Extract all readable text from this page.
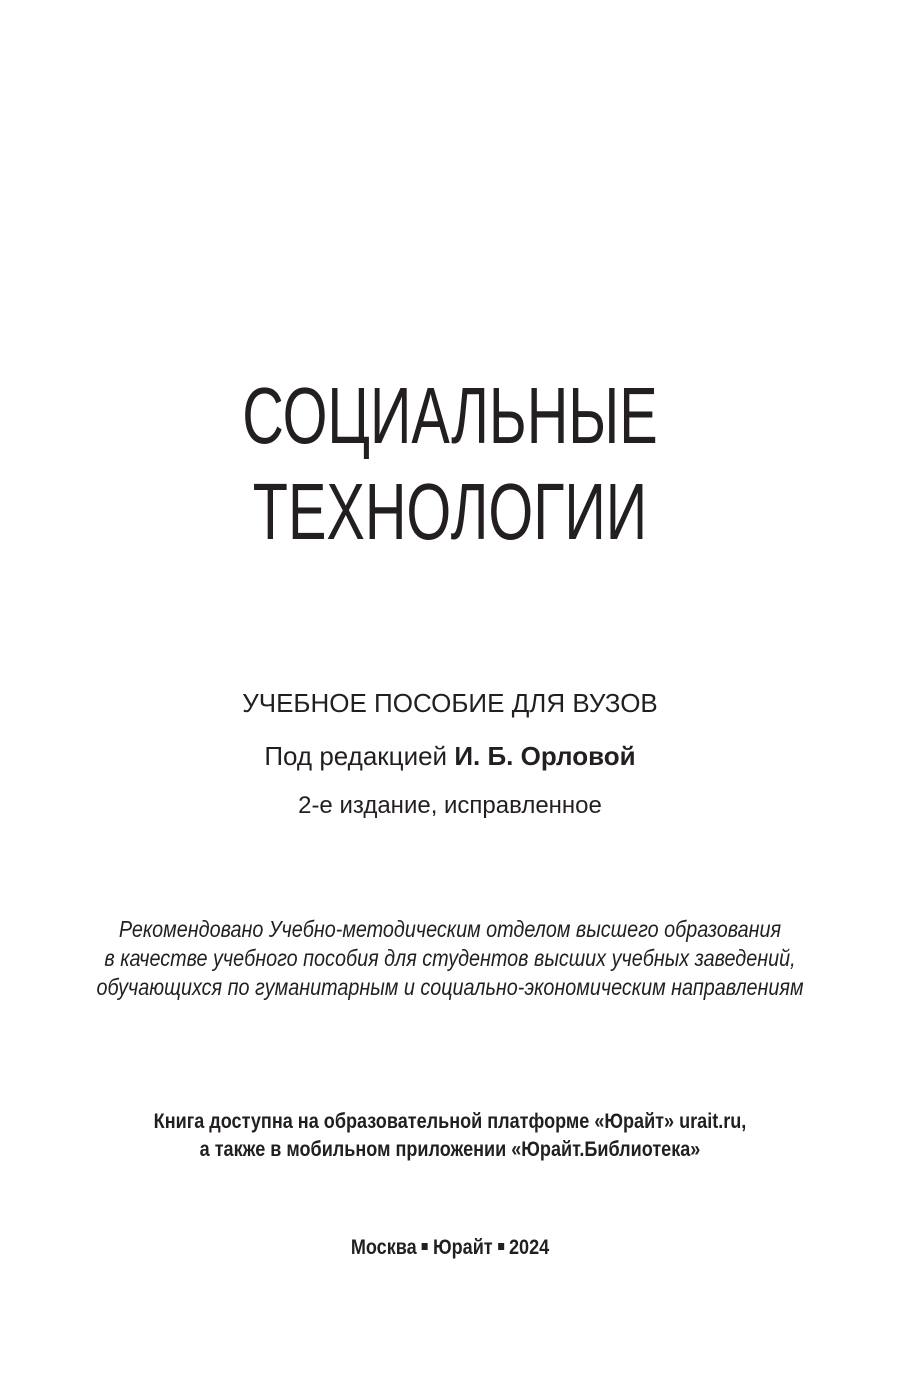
СОЦИАЛЬНЫЕ
ТЕХНОЛОГИИ
УЧЕБНОЕ ПОСОБИЕ ДЛЯ ВУЗОВ
Под редакцией И. Б. Орловой
2-е издание, исправленное
Рекомендовано Учебно-методическим отделом высшего образования
в качестве учебного пособия для студентов высших учебных заведений,
обучающихся по гуманитарным и социально-экономическим направлениям
Книга доступна на образовательной платформе «Юрайт» urait.ru,
а также в мобильном приложении «Юрайт.Библиотека»
Москва Юрайт 2024
